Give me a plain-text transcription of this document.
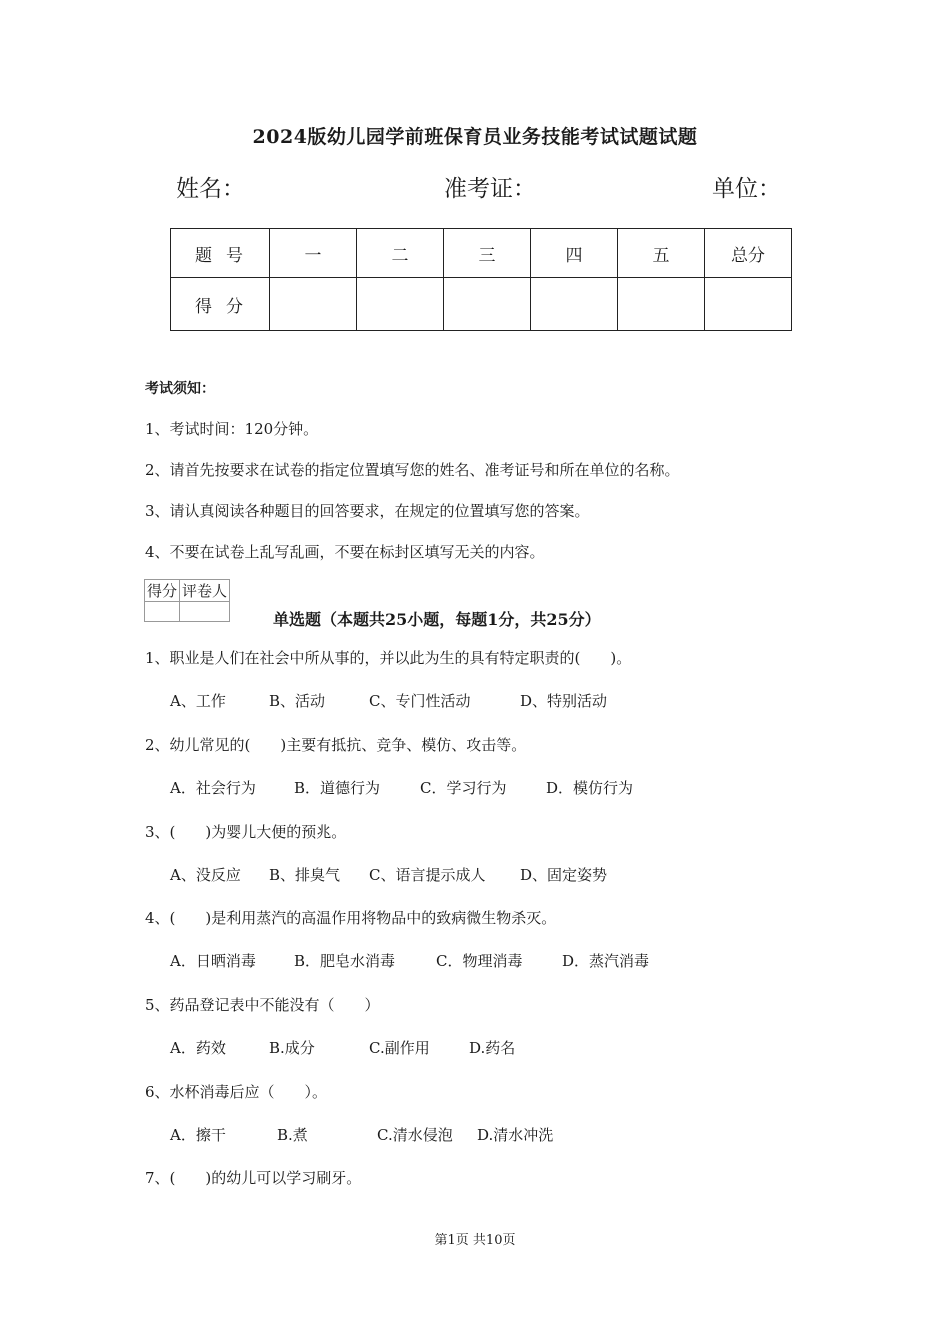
2024版幼儿园学前班保育员业务技能考试试题试题
姓名：	准考证：	单位：
题号	一	二	三	四	五	总分
得分						
考试须知：
1、考试时间：120分钟。
2、请首先按要求在试卷的指定位置填写您的姓名、准考证号和所在单位的名称。
3、请认真阅读各种题目的回答要求，在规定的位置填写您的答案。
4、不要在试卷上乱写乱画，不要在标封区填写无关的内容。
得分	评卷人

单选题（本题共25小题，每题1分，共25分）
1、职业是人们在社会中所从事的，并以此为生的具有特定职责的(　　)。
A、工作	B、活动	C、专门性活动	D、特别活动
2、幼儿常见的(　　)主要有抵抗、竞争、模仿、攻击等。
A．社会行为	B．道德行为	C．学习行为	D．模仿行为
3、(　　)为婴儿大便的预兆。
A、没反应 B、排臭气 C、语言提示成人 D、固定姿势
4、(　　)是利用蒸汽的高温作用将物品中的致病微生物杀灭。
A．日晒消毒	B．肥皂水消毒	C．物理消毒	D．蒸汽消毒
5、药品登记表中不能没有（　　）
A．药效	B.成分	C.副作用	D.药名
6、水杯消毒后应（　　）。
A．擦干	B.煮	C.清水侵泡 D.清水冲洗
7、(　　)的幼儿可以学习刷牙。
第1页 共10页
